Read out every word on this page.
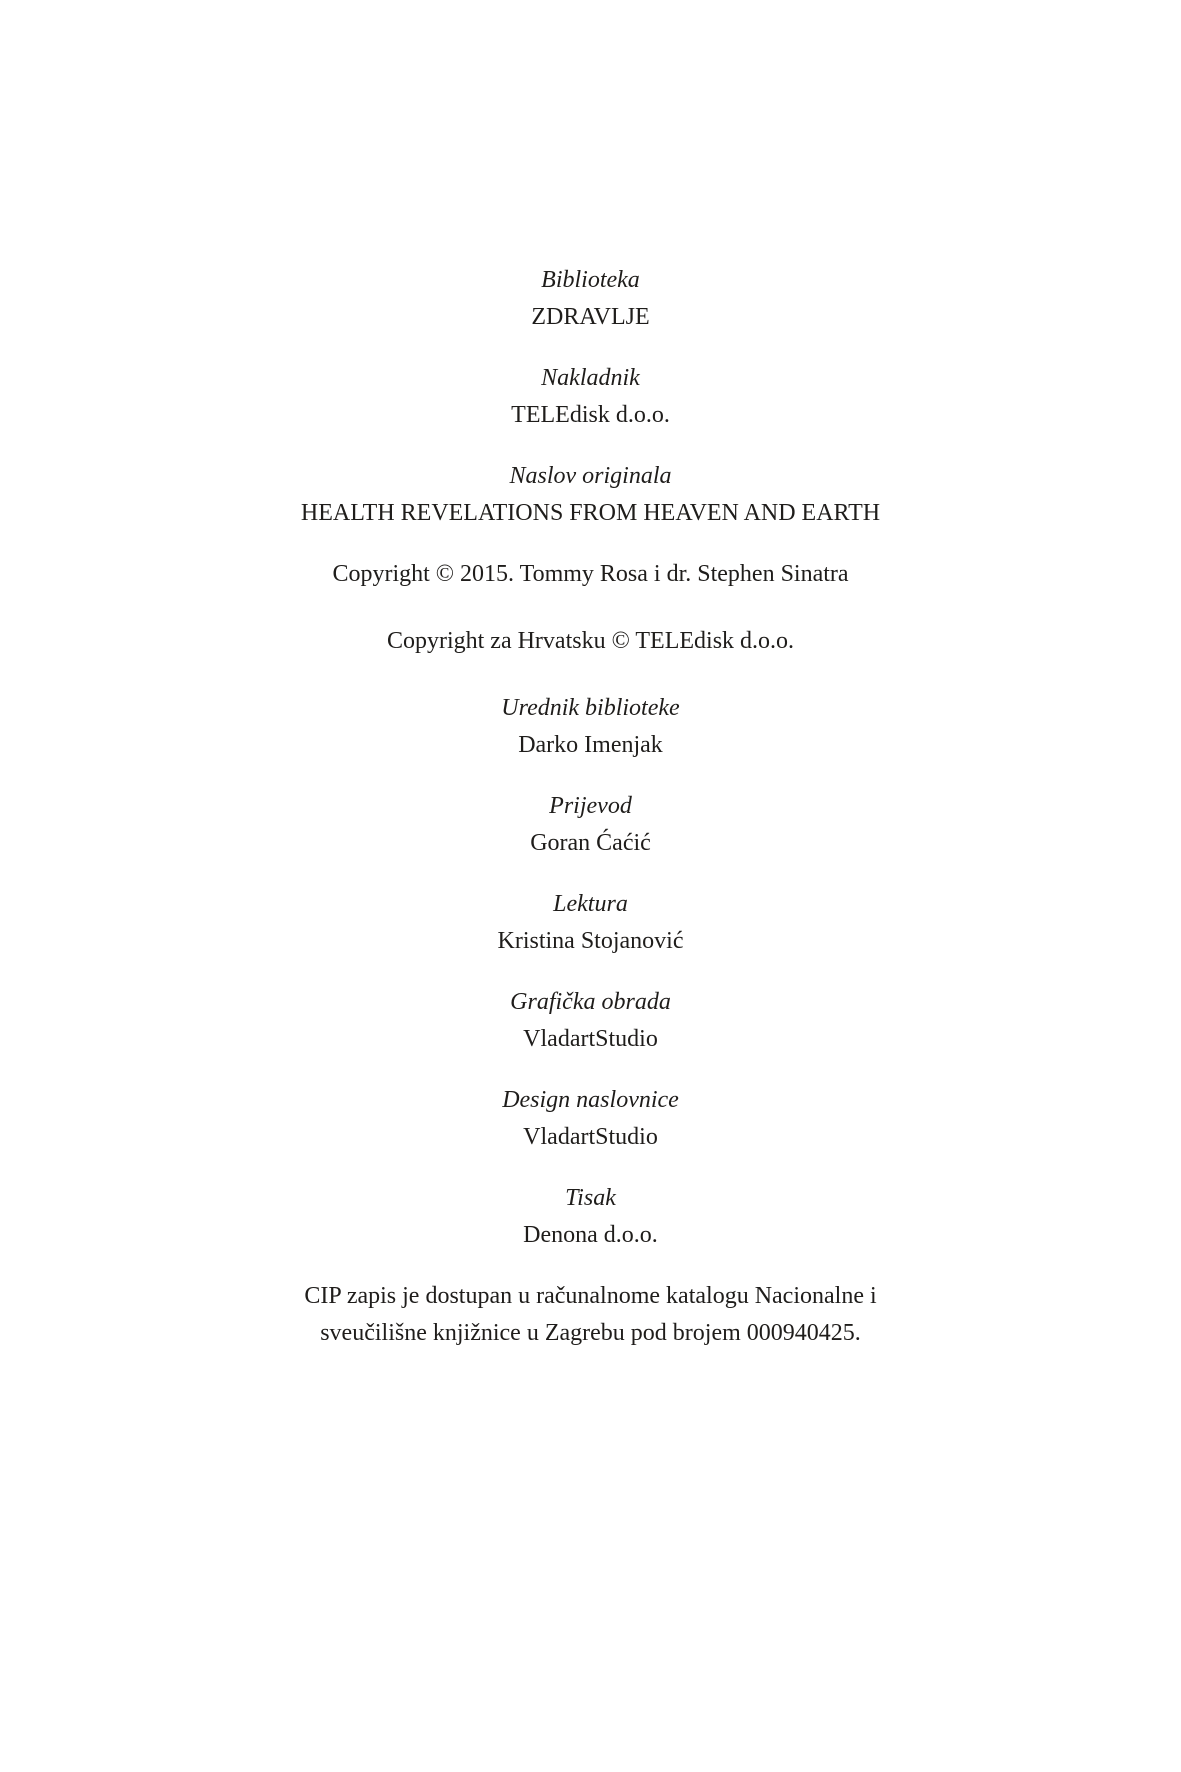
Biblioteka
ZDRAVLJE
Nakladnik
TELEdisk d.o.o.
Naslov originala
HEALTH REVELATIONS FROM HEAVEN AND EARTH
Copyright © 2015. Tommy Rosa i dr. Stephen Sinatra
Copyright za Hrvatsku © TELEdisk d.o.o.
Urednik biblioteke
Darko Imenjak
Prijevod
Goran Ćaćić
Lektura
Kristina Stojanović
Grafička obrada
VladartStudio
Design naslovnice
VladartStudio
Tisak
Denona d.o.o.
CIP zapis je dostupan u računalnome katalogu Nacionalne i
sveučilišne knjižnice u Zagrebu pod brojem 000940425.
